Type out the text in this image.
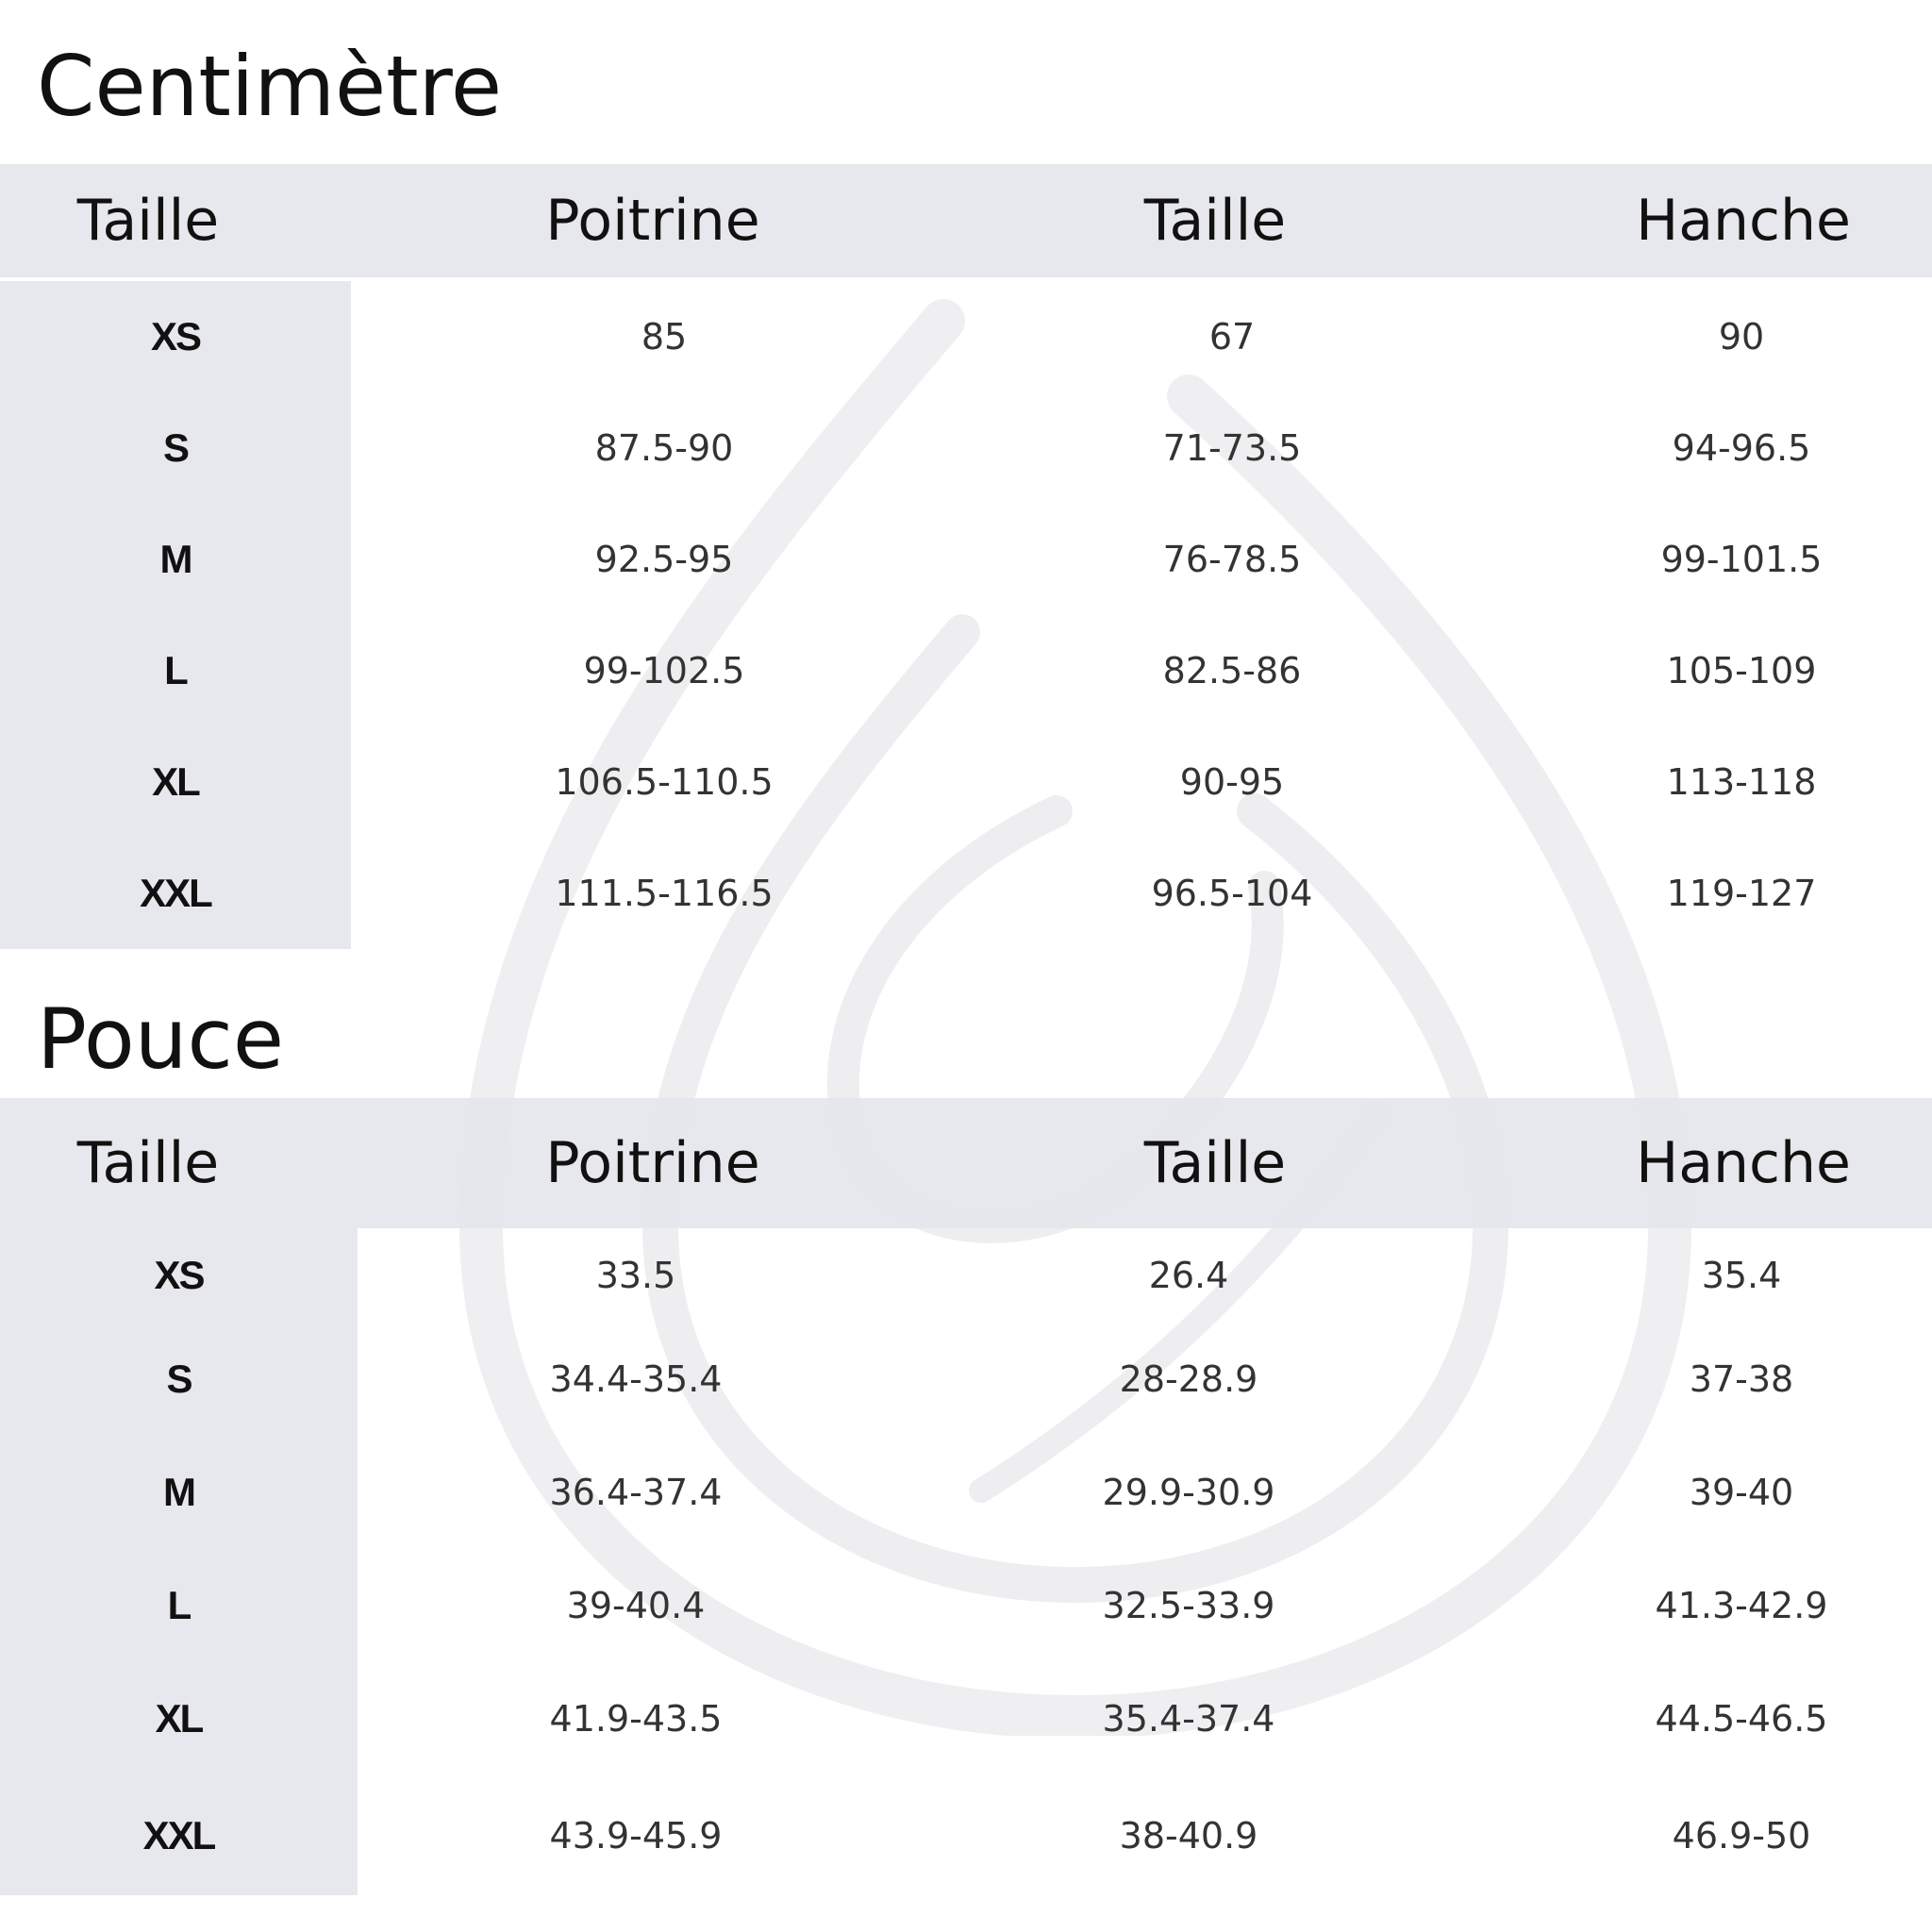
Centimètre
Taille	Poitrine	Taille	Hanche
XS	85	67	90
S	87.5-90	71-73.5	94-96.5
M	92.5-95	76-78.5	99-101.5
L	99-102.5	82.5-86	105-109
XL	106.5-110.5	90-95	113-118
XXL	111.5-116.5	96.5-104	119-127
Pouce
Taille	Poitrine	Taille	Hanche
XS	33.5	26.4	35.4
S	34.4-35.4	28-28.9	37-38
M	36.4-37.4	29.9-30.9	39-40
L	39-40.4	32.5-33.9	41.3-42.9
XL	41.9-43.5	35.4-37.4	44.5-46.5
XXL	43.9-45.9	38-40.9	46.9-50
